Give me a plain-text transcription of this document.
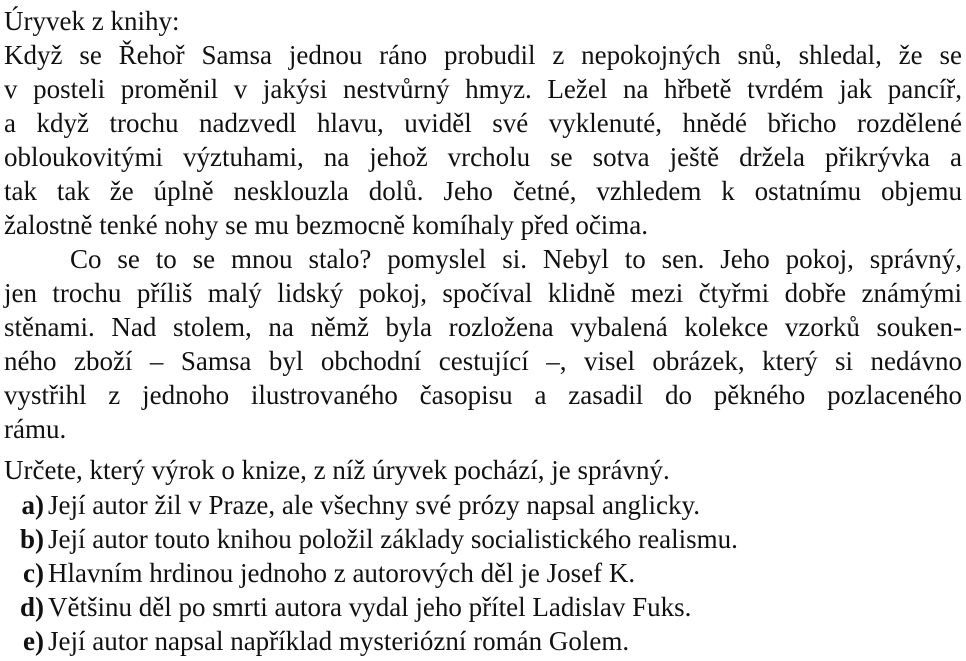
Úryvek z knihy:
Když se Řehoř Samsa jednou ráno probudil z nepokojných snů, shledal, že se
v posteli proměnil v jakýsi nestvůrný hmyz. Ležel na hřbetě tvrdém jak pancíř,
a když trochu nadzvedl hlavu, uviděl své vyklenuté, hnědé břicho rozdělené
obloukovitými výztuhami, na jehož vrcholu se sotva ještě držela přikrývka a
tak tak že úplně nesklouzla dolů. Jeho četné, vzhledem k ostatnímu objemu
žalostně tenké nohy se mu bezmocně komíhaly před očima.
Co se to se mnou stalo? pomyslel si. Nebyl to sen. Jeho pokoj, správný,
jen trochu příliš malý lidský pokoj, spočíval klidně mezi čtyřmi dobře známými
stěnami. Nad stolem, na němž byla rozložena vybalená kolekce vzorků souken-
ného zboží – Samsa byl obchodní cestující –, visel obrázek, který si nedávno
vystřihl z jednoho ilustrovaného časopisu a zasadil do pěkného pozlaceného
rámu.
Určete, který výrok o knize, z níž úryvek pochází, je správný.
a) Její autor žil v Praze, ale všechny své prózy napsal anglicky.
b) Její autor touto knihou položil základy socialistického realismu.
c) Hlavním hrdinou jednoho z autorových děl je Josef K.
d) Většinu děl po smrti autora vydal jeho přítel Ladislav Fuks.
e) Její autor napsal například mysteriózní román Golem.
